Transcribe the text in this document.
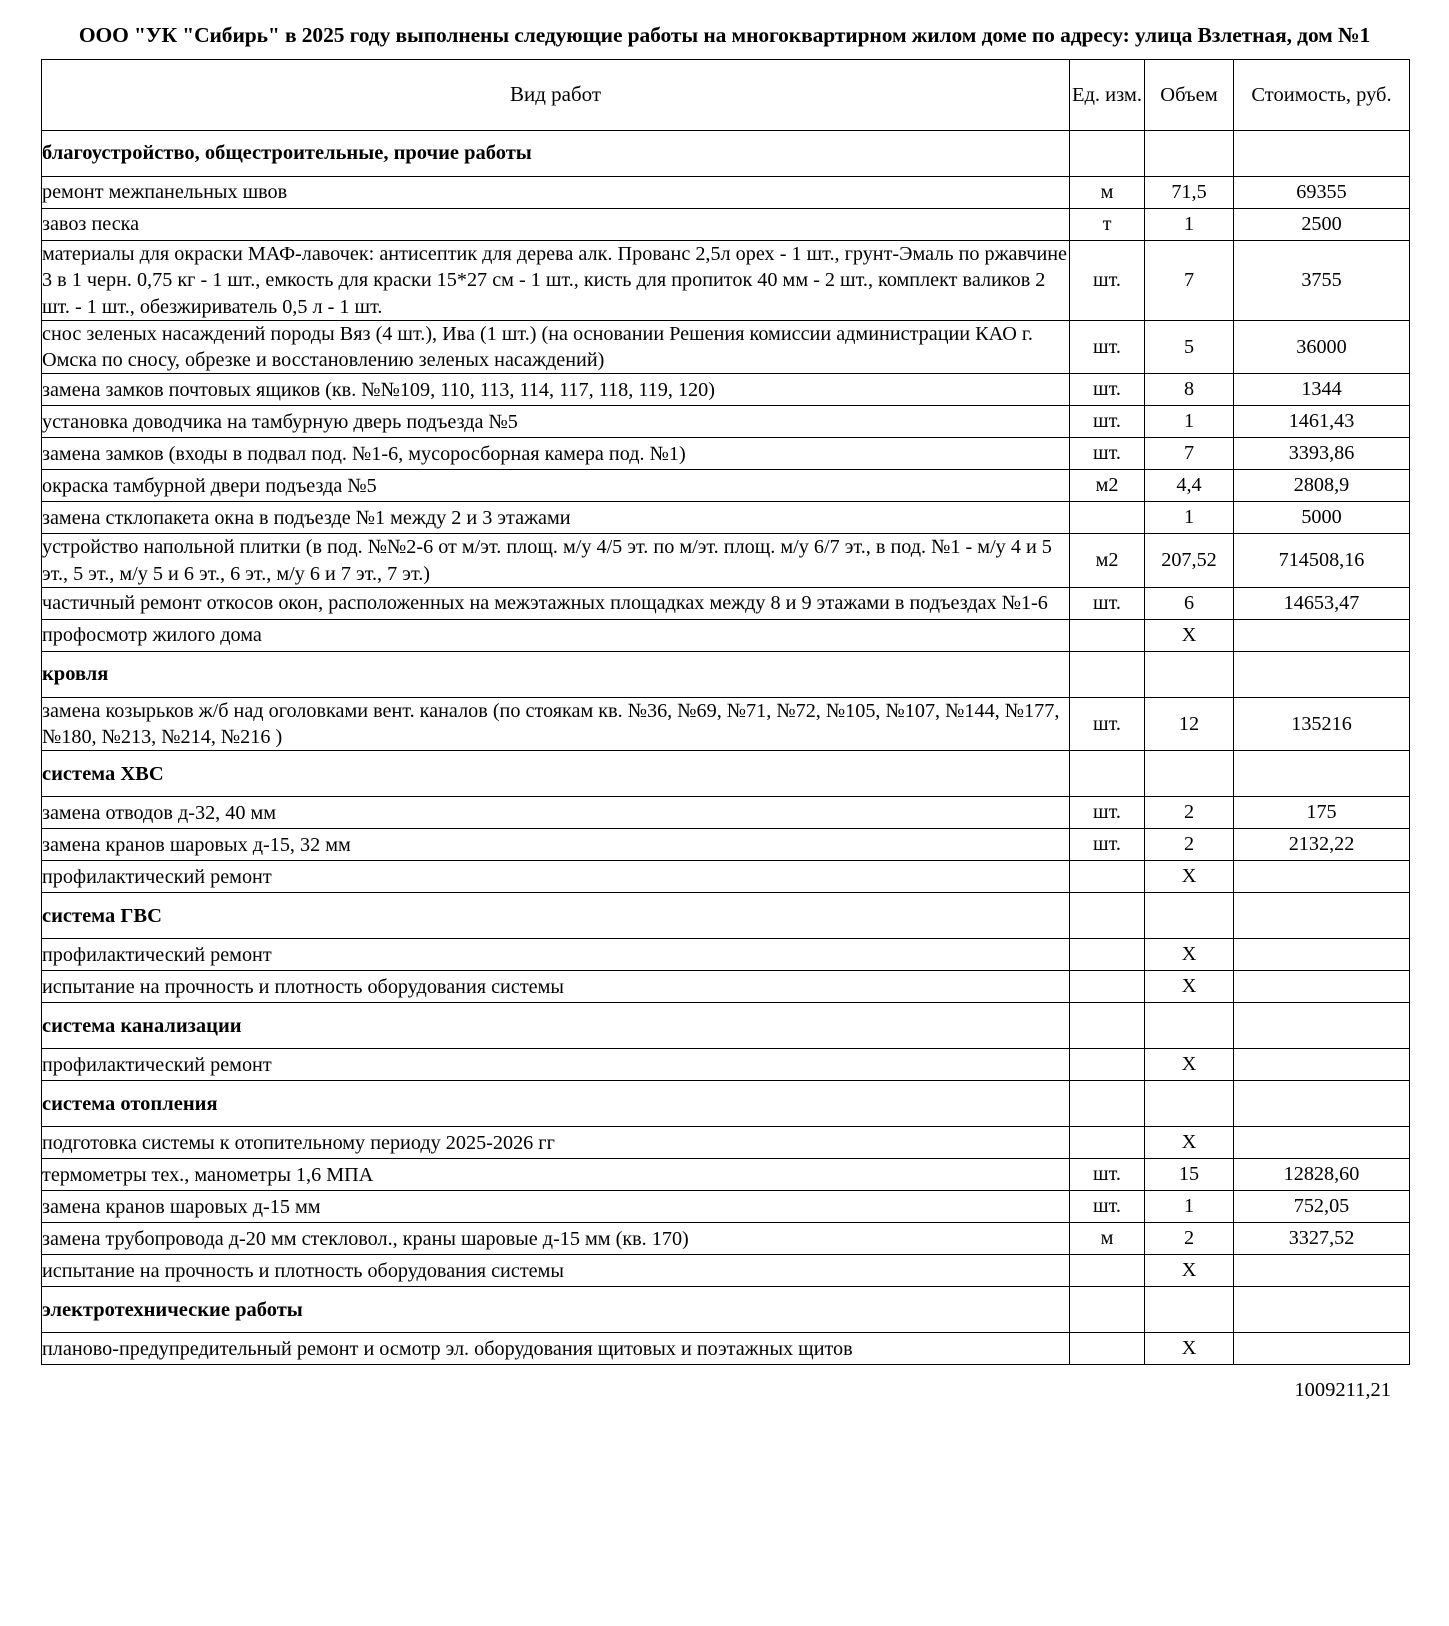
ООО "УК "Сибирь" в 2025 году выполнены следующие работы на многоквартирном жилом доме по адресу: улица Взлетная, дом №1
Вид работ	Ед. изм.	Объем	Стоимость, руб.
благоустройство, общестроительные, прочие работы			
ремонт межпанельных швов	м	71,5	69355
завоз песка	т	1	2500
материалы для окраски МАФ-лавочек: антисептик для дерева алк. Прованс 2,5л орех - 1 шт., грунт-Эмаль по ржавчине 3 в 1 черн. 0,75 кг - 1 шт., емкость для краски 15*27 см - 1 шт., кисть для пропиток 40 мм - 2 шт., комплект валиков 2 шт. - 1 шт., обезжириватель 0,5 л - 1 шт.	шт.	7	3755
снос зеленых насаждений породы Вяз (4 шт.), Ива (1 шт.) (на основании Решения комиссии администрации КАО г. Омска по сносу, обрезке и восстановлению зеленых насаждений)	шт.	5	36000
замена замков почтовых ящиков (кв. №№109, 110, 113, 114, 117, 118, 119, 120)	шт.	8	1344
установка доводчика на тамбурную дверь подъезда №5	шт.	1	1461,43
замена замков (входы в подвал под. №1-6, мусоросборная камера под. №1)	шт.	7	3393,86
окраска тамбурной двери подъезда №5	м2	4,4	2808,9
замена стклопакета окна в подъезде №1 между 2 и 3 этажами		1	5000
устройство напольной плитки (в под. №№2-6 от м/эт. площ. м/у 4/5 эт. по м/эт. площ. м/у 6/7 эт., в под. №1 - м/у 4 и 5 эт., 5 эт., м/у 5 и 6 эт., 6 эт., м/у 6 и 7 эт., 7 эт.)	м2	207,52	714508,16
частичный ремонт откосов окон, расположенных на межэтажных площадках между 8 и 9 этажами в подъездах №1-6	шт.	6	14653,47
профосмотр жилого дома		X	
кровля			
замена козырьков ж/б над оголовками вент. каналов (по стоякам кв. №36, №69, №71, №72, №105, №107, №144, №177, №180, №213, №214, №216 )	шт.	12	135216
система ХВС			
замена отводов д-32, 40 мм	шт.	2	175
замена кранов шаровых д-15, 32 мм	шт.	2	2132,22
профилактический ремонт		X	
система ГВС			
профилактический ремонт		X	
испытание на прочность и плотность оборудования системы		X	
система канализации			
профилактический ремонт		X	
система отопления			
подготовка системы к отопительному периоду 2025-2026 гг		X	
термометры тех., манометры 1,6 МПА	шт.	15	12828,60
замена кранов шаровых д-15 мм	шт.	1	752,05
замена трубопровода д-20 мм стекловол., краны шаровые д-15 мм (кв. 170)	м	2	3327,52
испытание на прочность и плотность оборудования системы		X	
электротехнические работы			
планово-предупредительный ремонт и осмотр эл. оборудования щитовых и поэтажных щитов		X	
1009211,21
